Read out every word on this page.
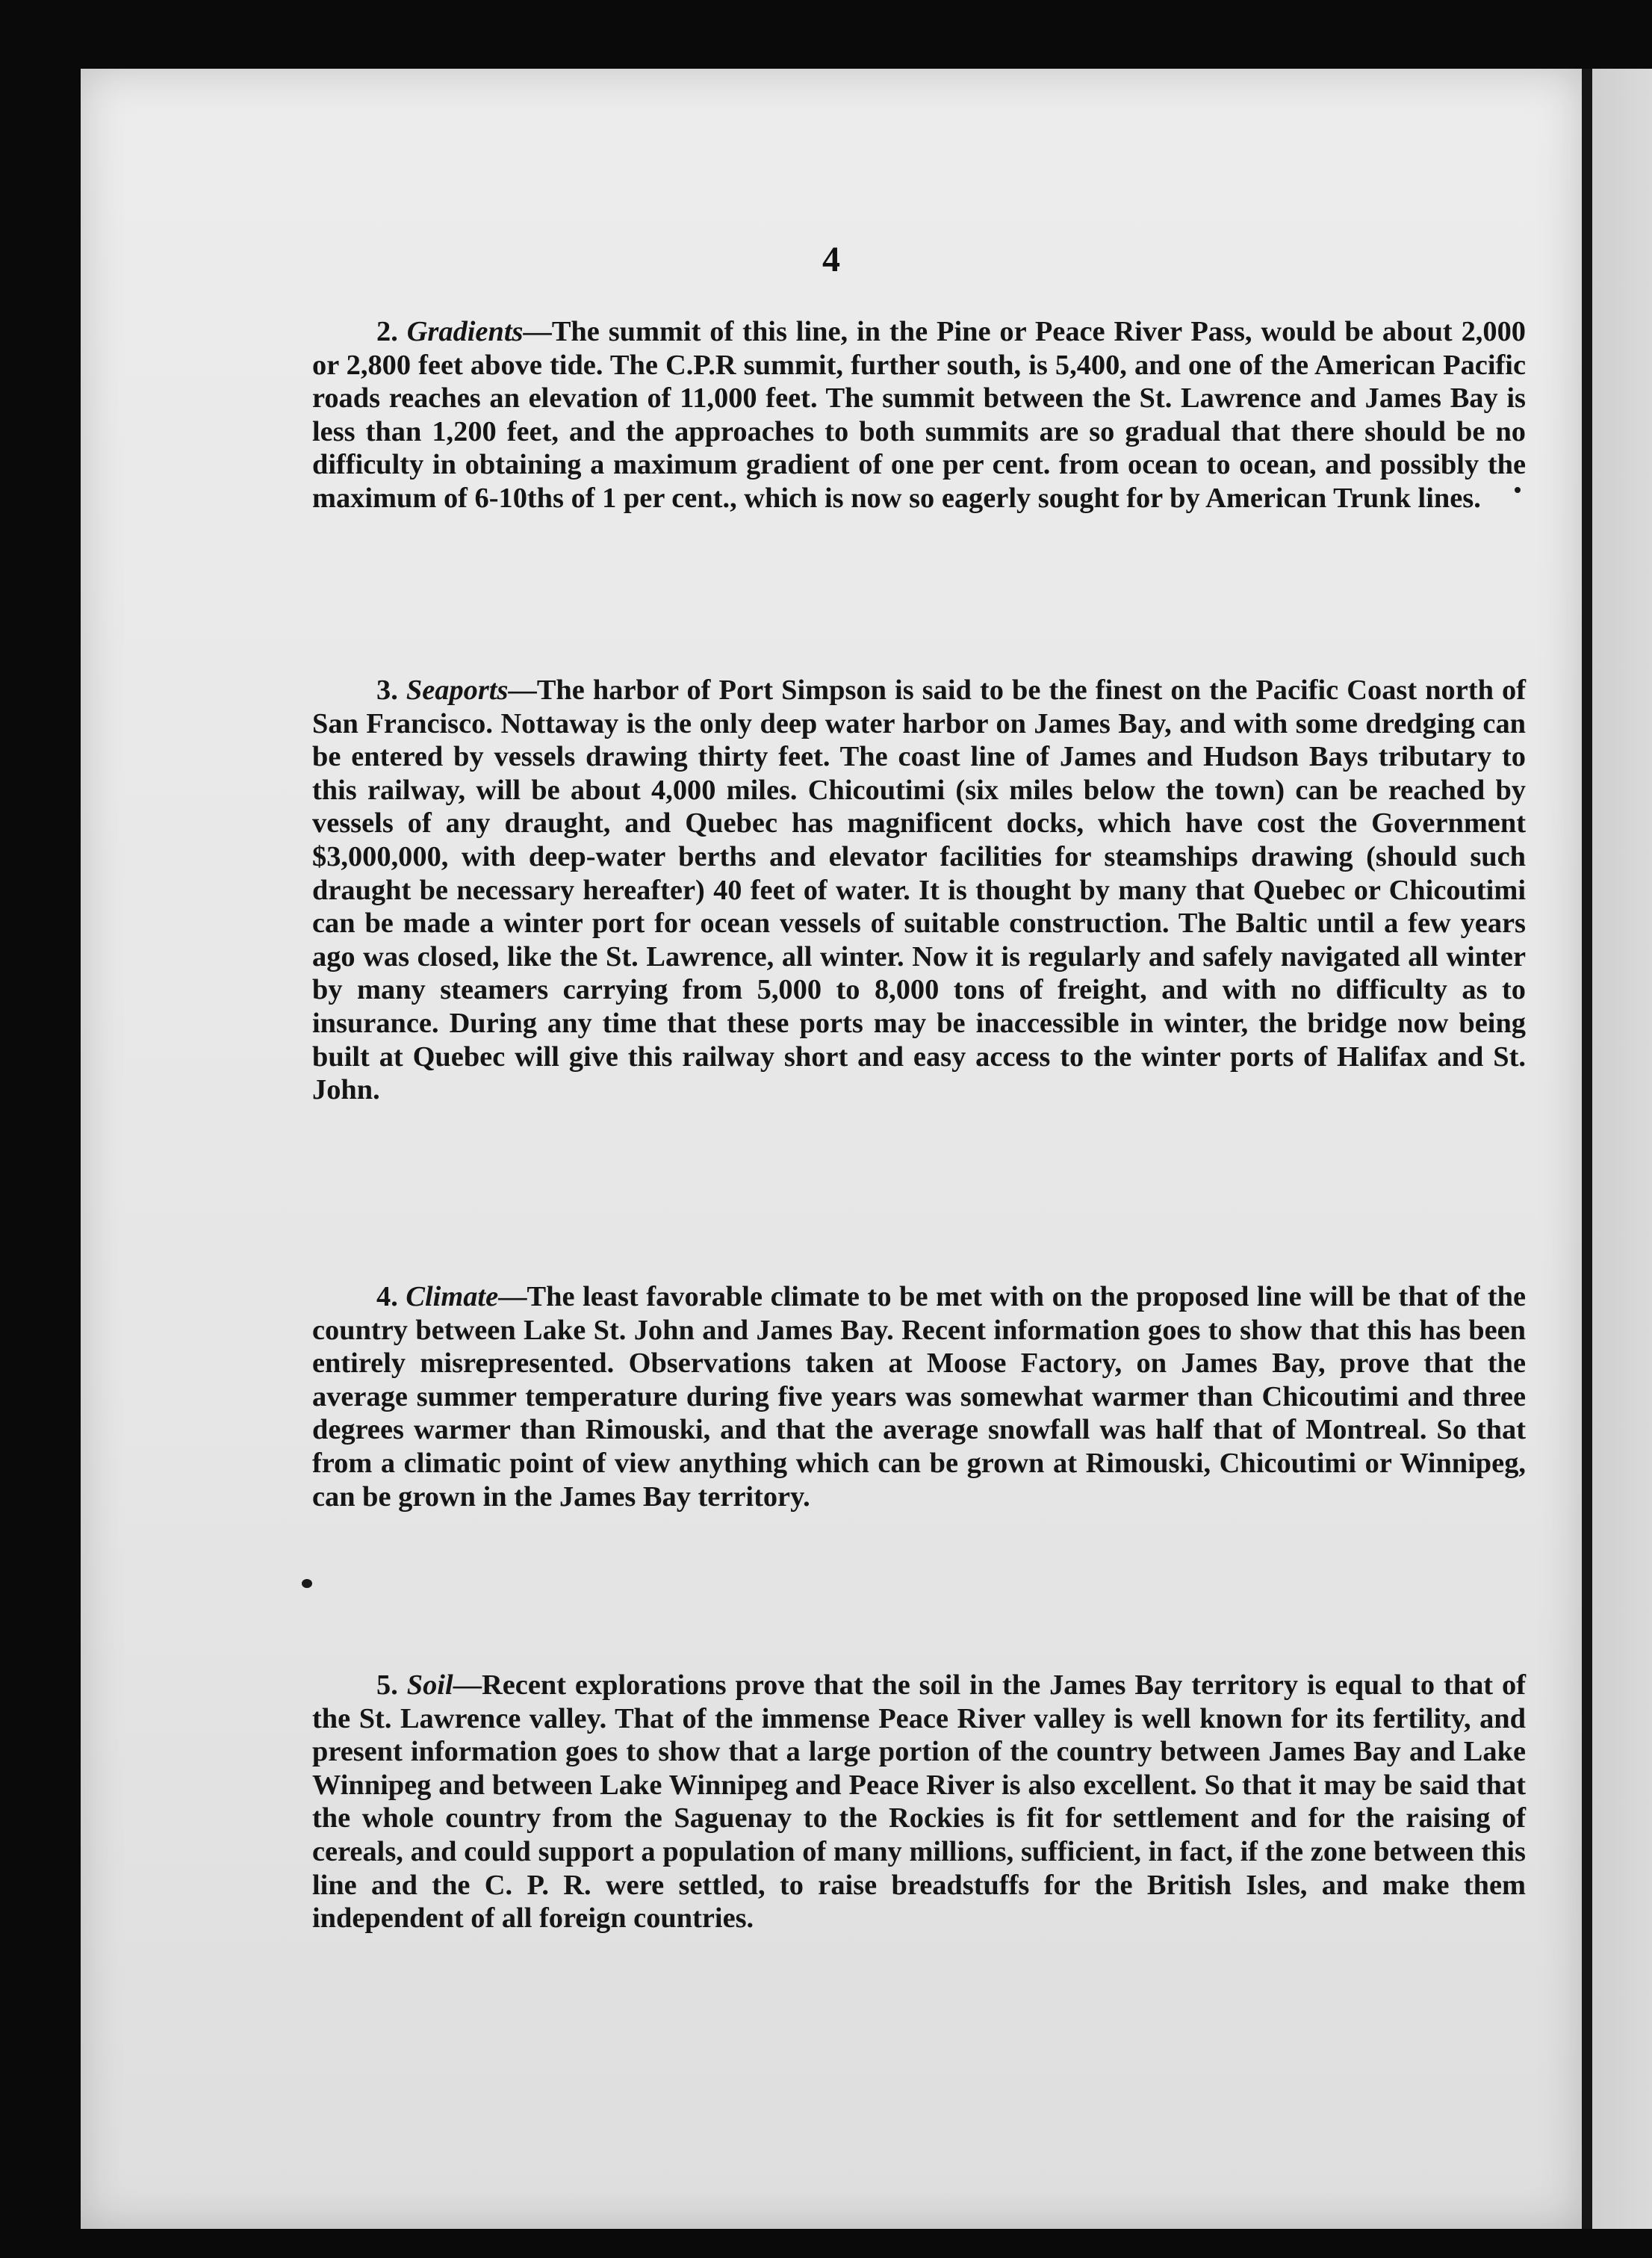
4

2. Gradients—The summit of this line, in the Pine or Peace River Pass, would be about 2,000 or 2,800 feet above tide. The C.P.R summit, further south, is 5,400, and one of the American Pacific roads reaches an elevation of 11,000 feet. The summit between the St. Lawrence and James Bay is less than 1,200 feet, and the approaches to both summits are so gradual that there should be no difficulty in obtaining a maximum gradient of one per cent. from ocean to ocean, and possibly the maximum of 6-10ths of 1 per cent., which is now so eagerly sought for by American Trunk lines.

3. Seaports—The harbor of Port Simpson is said to be the finest on the Pacific Coast north of San Francisco. Nottaway is the only deep water harbor on James Bay, and with some dredging can be entered by vessels drawing thirty feet. The coast line of James and Hudson Bays tributary to this railway, will be about 4,000 miles. Chicoutimi (six miles below the town) can be reached by vessels of any draught, and Quebec has magnificent docks, which have cost the Government $3,000,000, with deep-water berths and elevator facilities for steamships drawing (should such draught be necessary hereafter) 40 feet of water. It is thought by many that Quebec or Chicoutimi can be made a winter port for ocean vessels of suitable construction. The Baltic until a few years ago was closed, like the St. Lawrence, all winter. Now it is regularly and safely navigated all winter by many steamers carrying from 5,000 to 8,000 tons of freight, and with no difficulty as to insurance. During any time that these ports may be inaccessible in winter, the bridge now being built at Quebec will give this railway short and easy access to the winter ports of Halifax and St. John.

4. Climate—The least favorable climate to be met with on the proposed line will be that of the country between Lake St. John and James Bay. Recent information goes to show that this has been entirely misrepresented. Observations taken at Moose Factory, on James Bay, prove that the average summer temperature during five years was somewhat warmer than Chicoutimi and three degrees warmer than Rimouski, and that the average snowfall was half that of Montreal. So that from a climatic point of view anything which can be grown at Rimouski, Chicoutimi or Winnipeg, can be grown in the James Bay territory.

5. Soil—Recent explorations prove that the soil in the James Bay territory is equal to that of the St. Lawrence valley. That of the immense Peace River valley is well known for its fertility, and present information goes to show that a large portion of the country between James Bay and Lake Winnipeg and between Lake Winnipeg and Peace River is also excellent. So that it may be said that the whole country from the Saguenay to the Rockies is fit for settlement and for the raising of cereals, and could support a population of many millions, sufficient, in fact, if the zone between this line and the C. P. R. were settled, to raise breadstuffs for the British Isles, and make them independent of all foreign countries.
